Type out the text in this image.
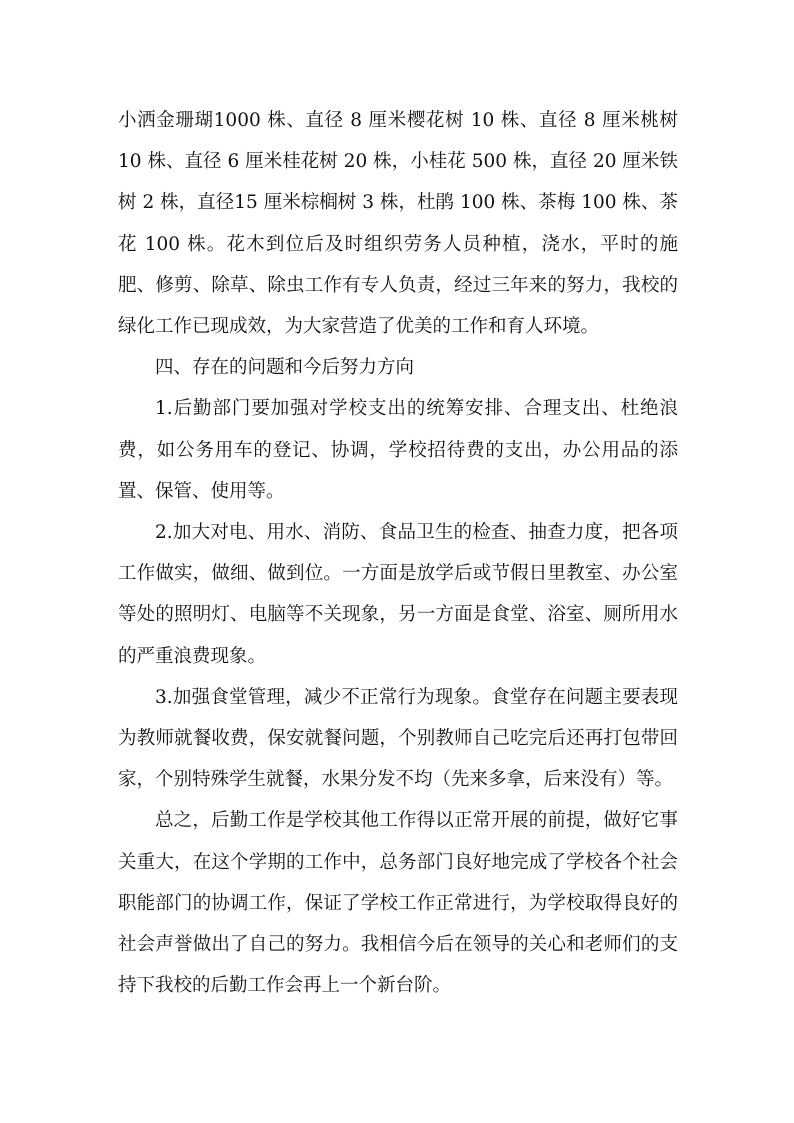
小洒金珊瑚1000 株、直径 8 厘米樱花树 10 株、直径 8 厘米桃树 10 株、直径 6 厘米桂花树 20 株，小桂花 500 株，直径 20 厘米铁树 2 株，直径15 厘米棕榈树 3 株，杜鹃 100 株、茶梅 100 株、茶花 100 株。花木到位后及时组织劳务人员种植，浇水，平时的施肥、修剪、除草、除虫工作有专人负责，经过三年来的努力，我校的绿化工作已现成效，为大家营造了优美的工作和育人环境。

四、存在的问题和今后努力方向

1.后勤部门要加强对学校支出的统筹安排、合理支出、杜绝浪费，如公务用车的登记、协调，学校招待费的支出，办公用品的添置、保管、使用等。

2.加大对电、用水、消防、食品卫生的检查、抽查力度，把各项工作做实，做细、做到位。一方面是放学后或节假日里教室、办公室等处的照明灯、电脑等不关现象，另一方面是食堂、浴室、厕所用水的严重浪费现象。

3.加强食堂管理，减少不正常行为现象。食堂存在问题主要表现为教师就餐收费，保安就餐问题，个别教师自己吃完后还再打包带回家，个别特殊学生就餐，水果分发不均（先来多拿，后来没有）等。

总之，后勤工作是学校其他工作得以正常开展的前提，做好它事关重大，在这个学期的工作中，总务部门良好地完成了学校各个社会职能部门的协调工作，保证了学校工作正常进行，为学校取得良好的社会声誉做出了自己的努力。我相信今后在领导的关心和老师们的支持下我校的后勤工作会再上一个新台阶。
